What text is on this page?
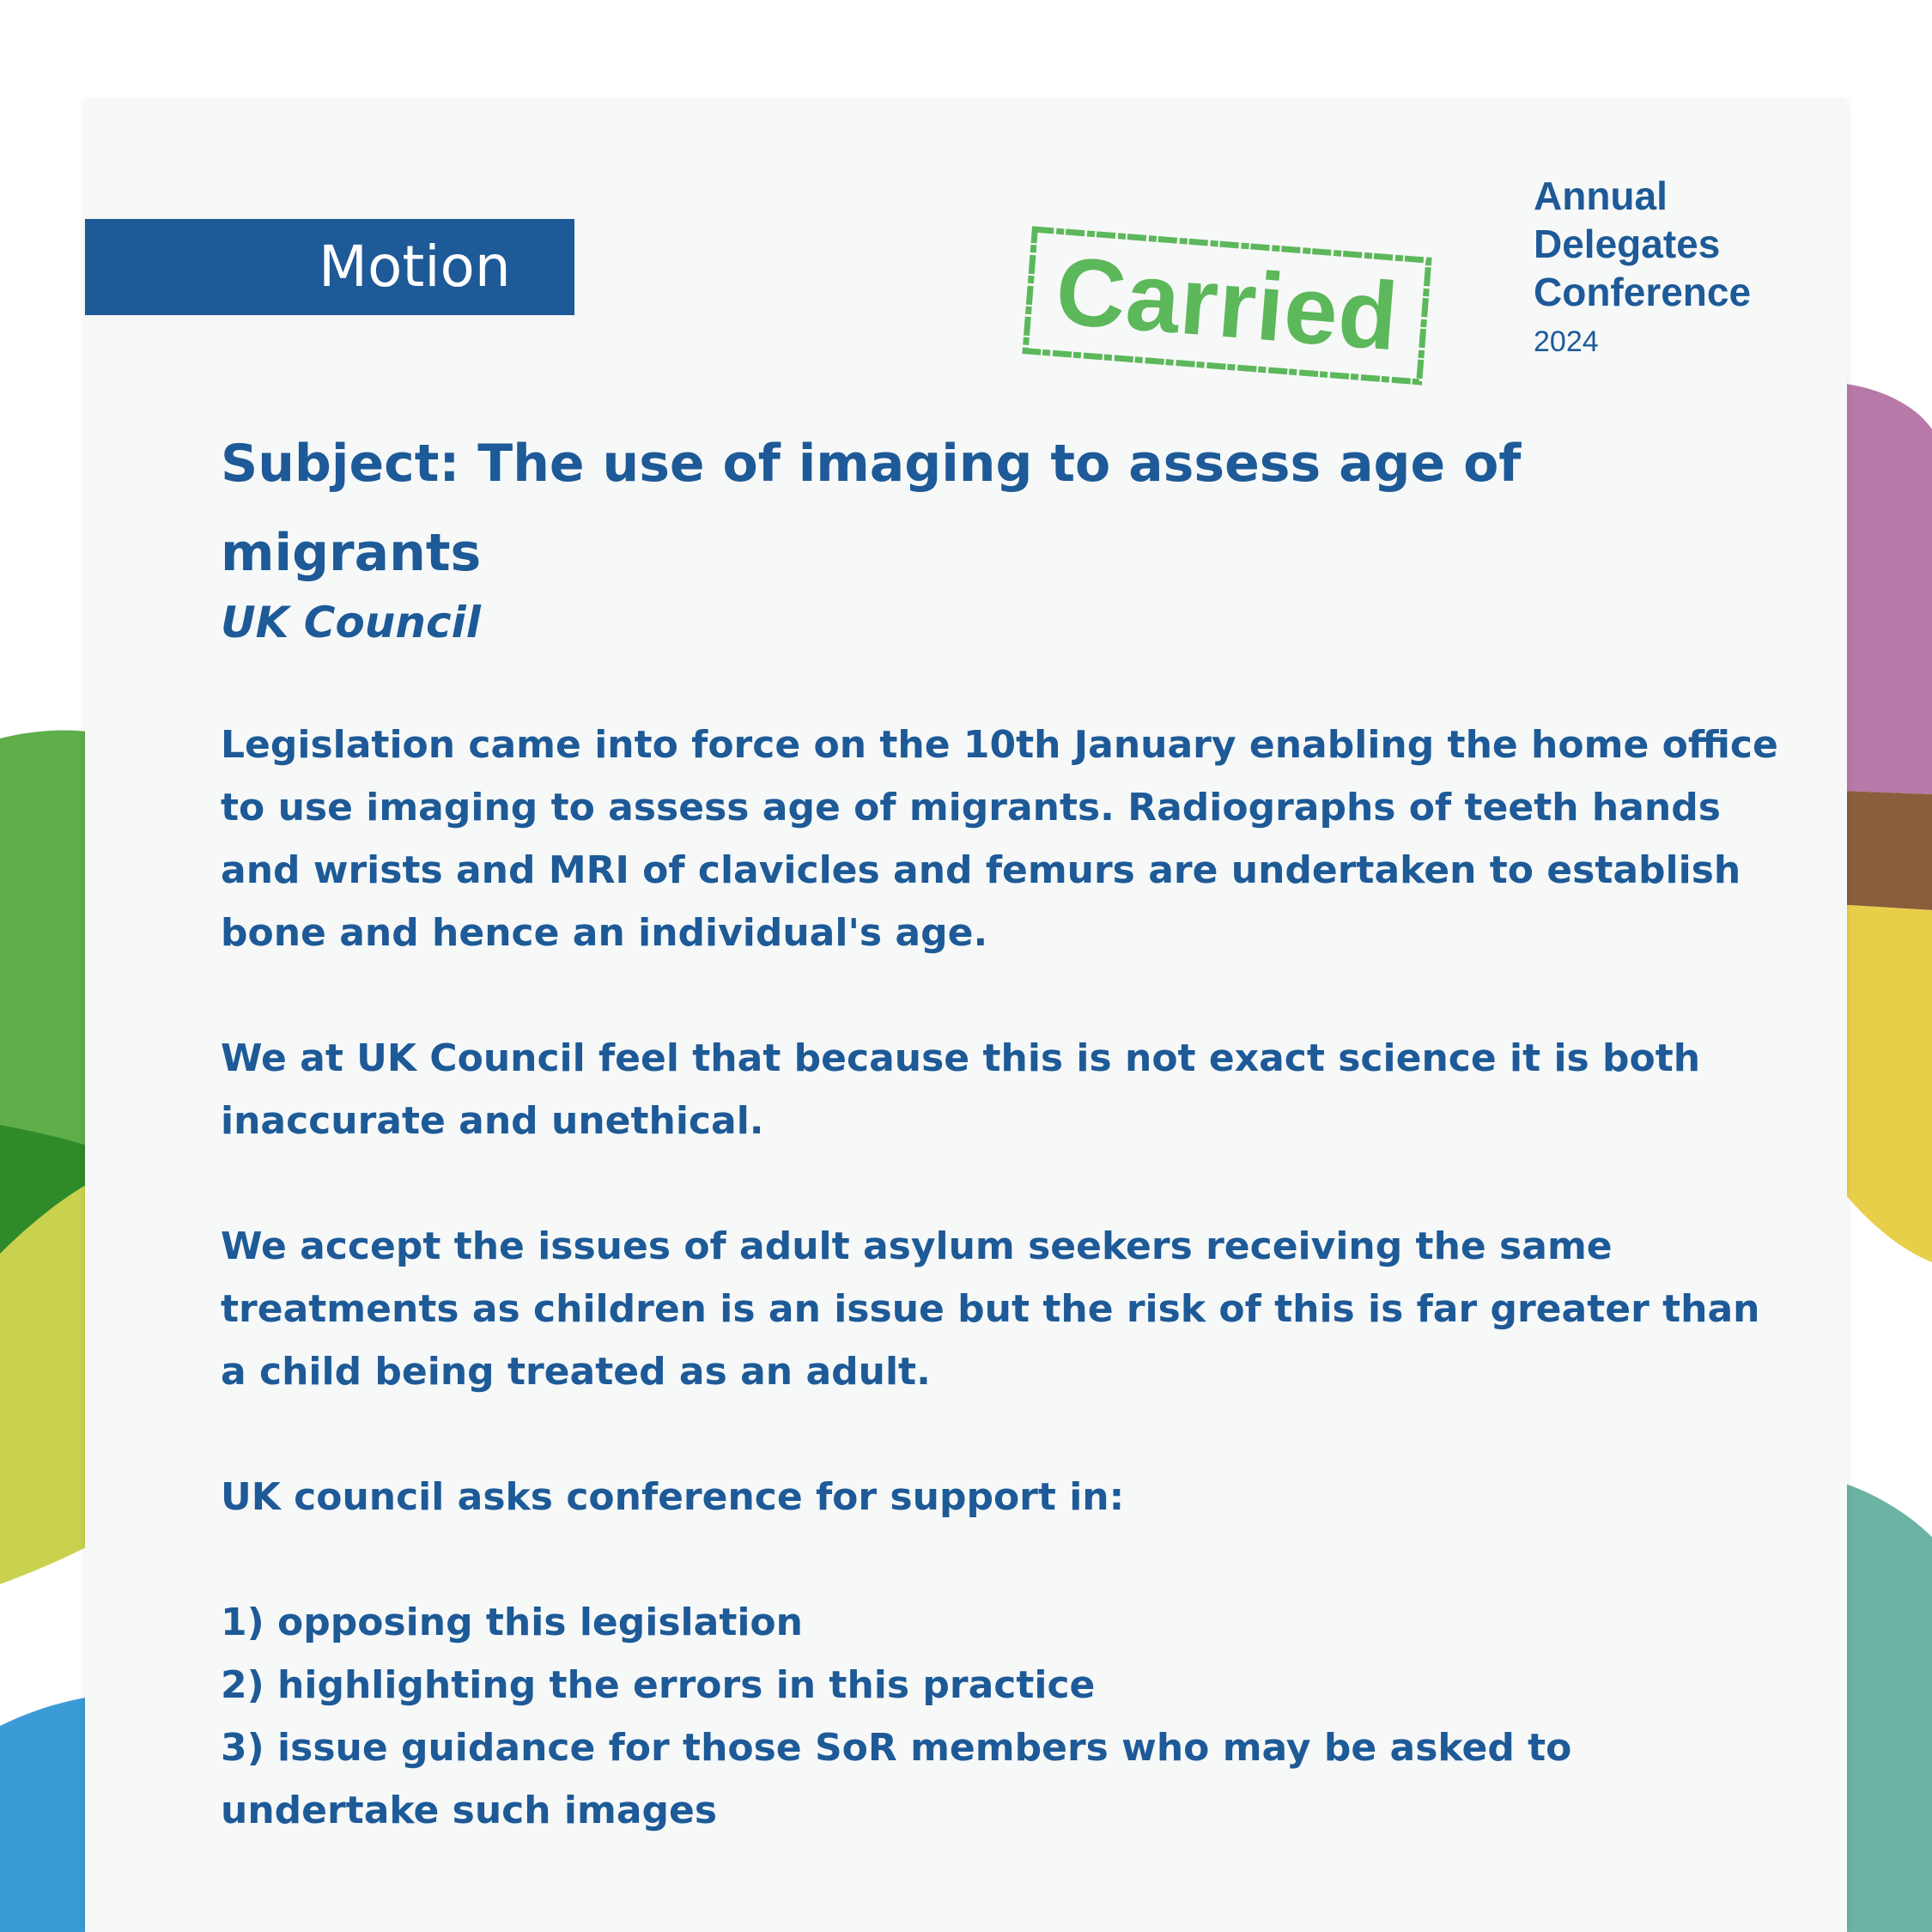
Motion	Carried
Annual
Delegates
Conference
2024
Subject: The use of imaging to assess age of migrants

UK Council

Legislation came into force on the 10th January enabling the home office to use imaging to assess age of migrants. Radiographs of teeth hands and wrists and MRI of clavicles and femurs are undertaken to establish bone and hence an individual's age.

We at UK Council feel that because this is not exact science it is both inaccurate and unethical.

We accept the issues of adult asylum seekers receiving the same treatments as children is an issue but the risk of this is far greater than a child being treated as an adult.

UK council asks conference for support in:

1) opposing this legislation

2) highlighting the errors in this practice

3) issue guidance for those SoR members who may be asked to undertake such images
